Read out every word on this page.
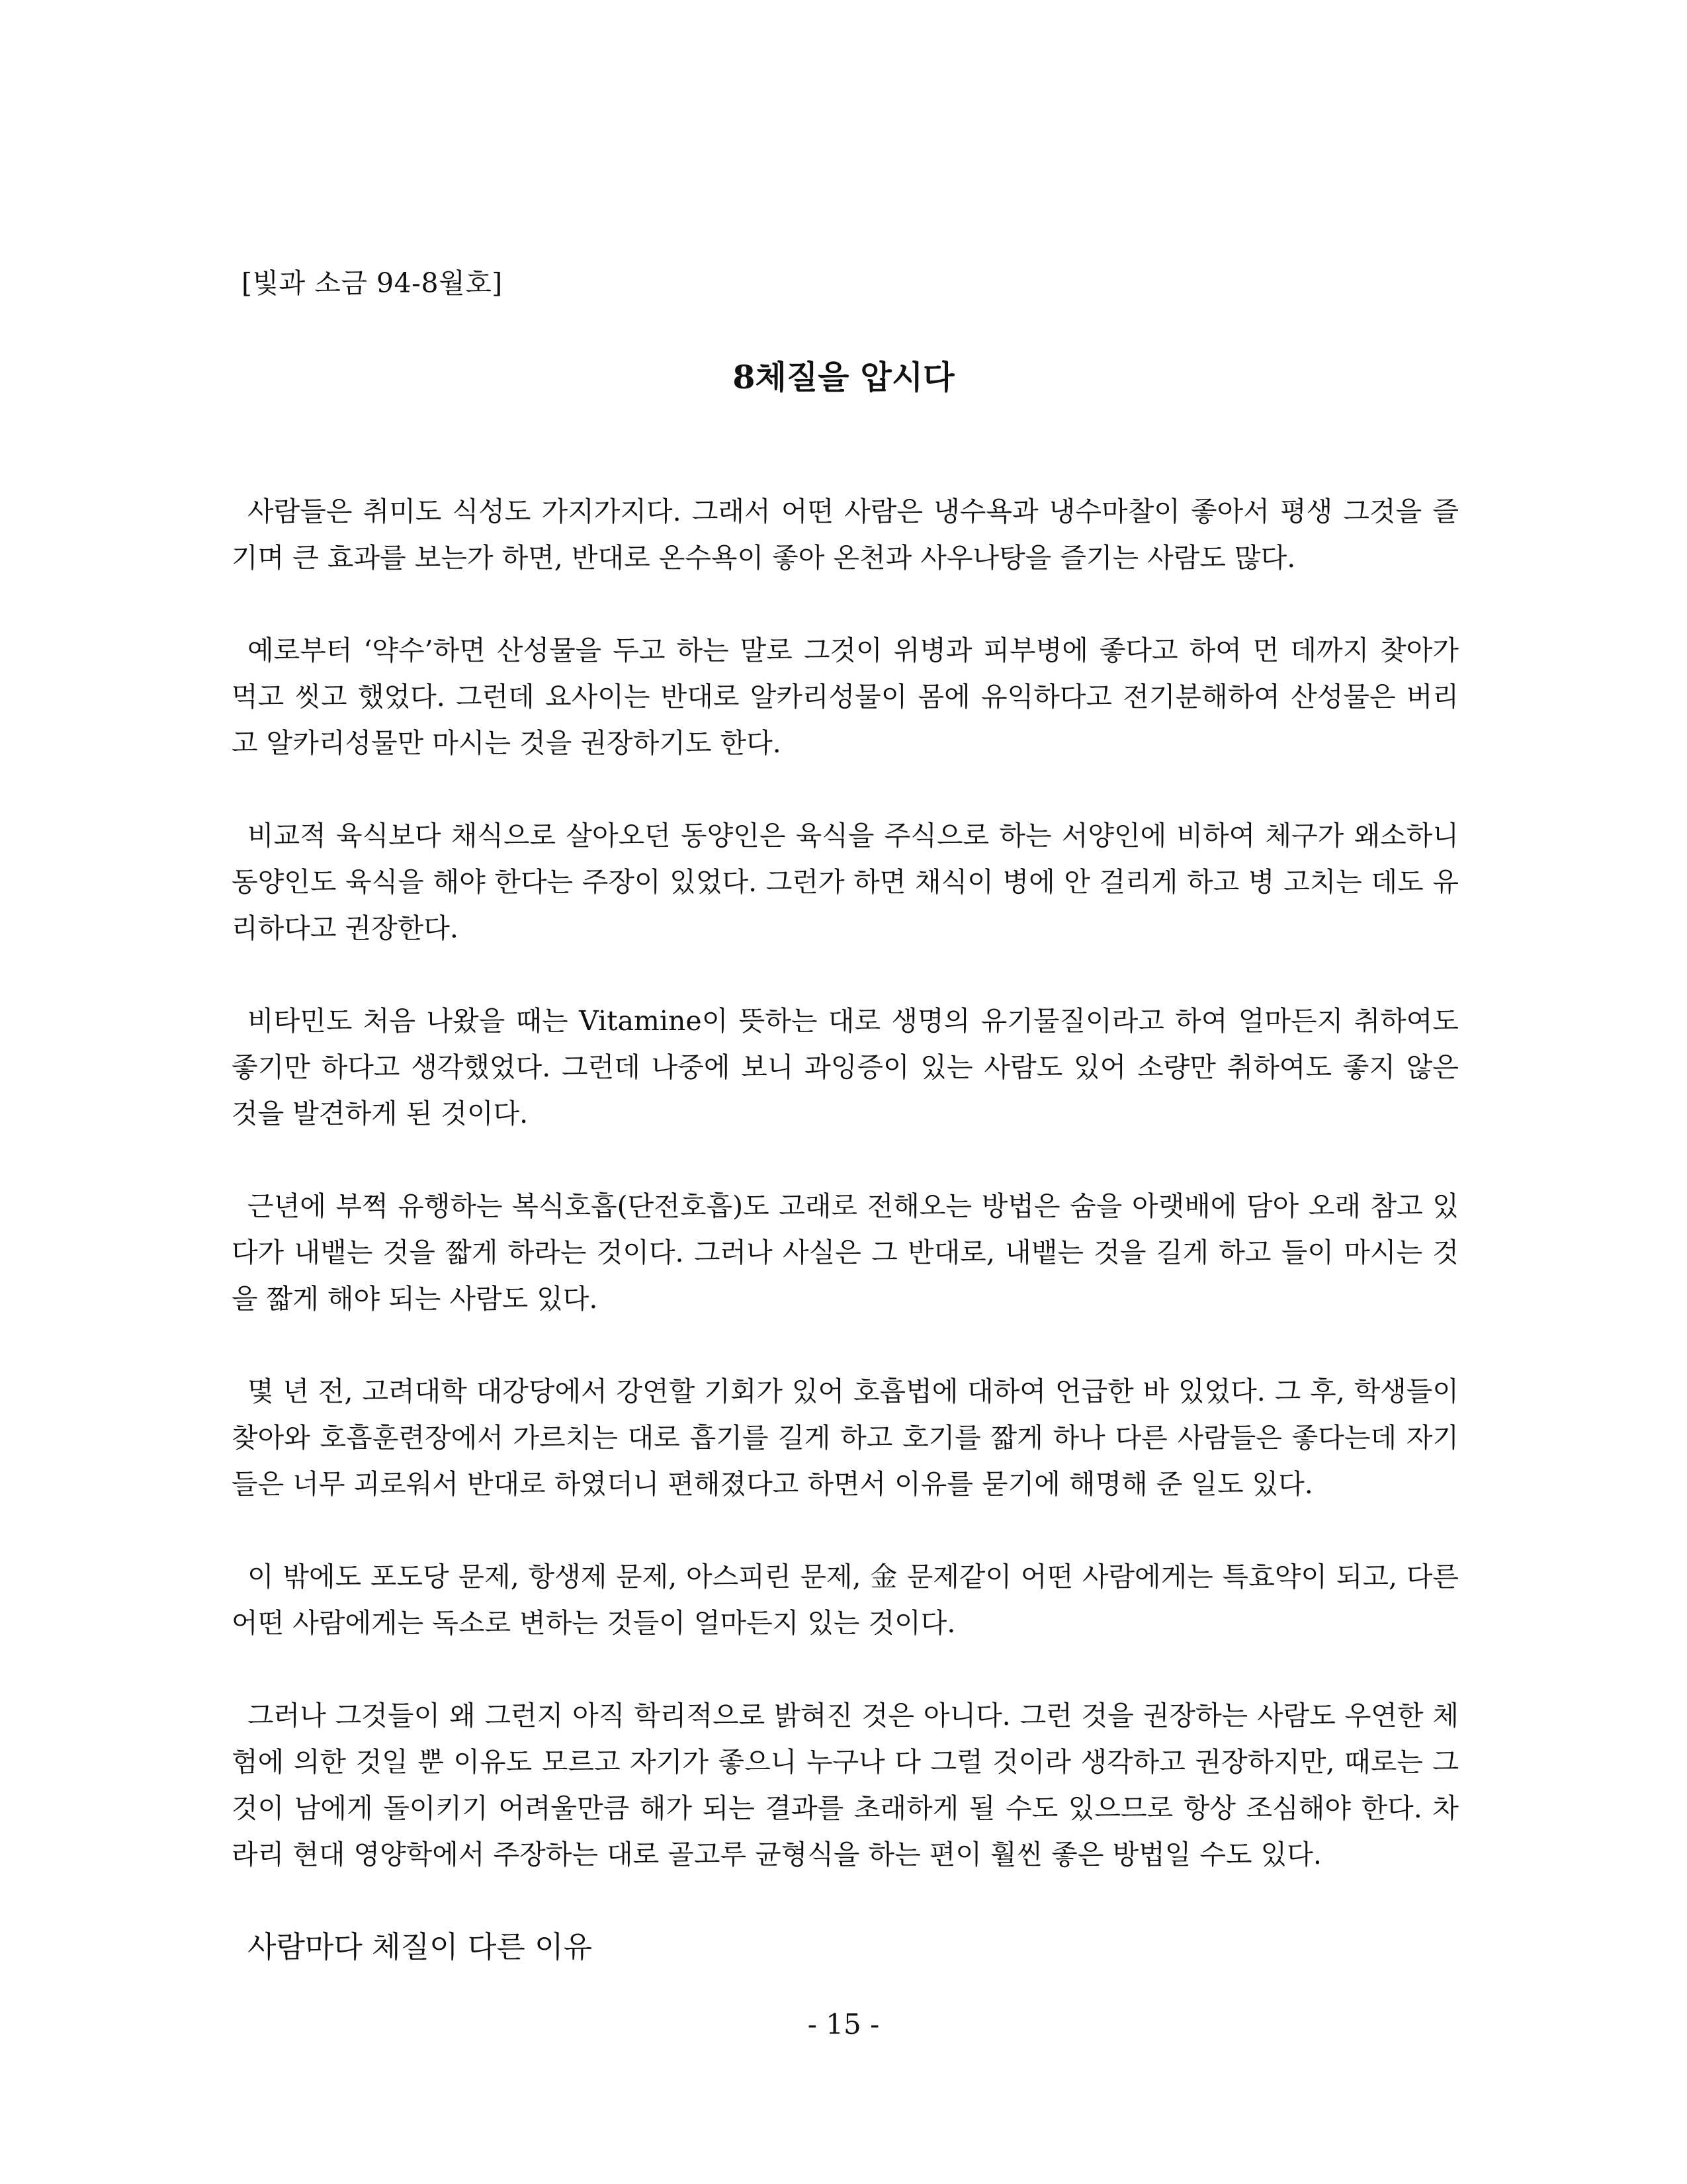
[빛과 소금 94-8월호]

8체질을 압시다

사람들은 취미도 식성도 가지가지다. 그래서 어떤 사람은 냉수욕과 냉수마찰이 좋아서 평생 그것을 즐기며 큰 효과를 보는가 하면, 반대로 온수욕이 좋아 온천과 사우나탕을 즐기는 사람도 많다.

예로부터 ‘약수’하면 산성물을 두고 하는 말로 그것이 위병과 피부병에 좋다고 하여 먼 데까지 찾아가 먹고 씻고 했었다. 그런데 요사이는 반대로 알카리성물이 몸에 유익하다고 전기분해하여 산성물은 버리고 알카리성물만 마시는 것을 권장하기도 한다.

비교적 육식보다 채식으로 살아오던 동양인은 육식을 주식으로 하는 서양인에 비하여 체구가 왜소하니 동양인도 육식을 해야 한다는 주장이 있었다. 그런가 하면 채식이 병에 안 걸리게 하고 병 고치는 데도 유리하다고 권장한다.

비타민도 처음 나왔을 때는 Vitamine이 뜻하는 대로 생명의 유기물질이라고 하여 얼마든지 취하여도 좋기만 하다고 생각했었다. 그런데 나중에 보니 과잉증이 있는 사람도 있어 소량만 취하여도 좋지 않은 것을 발견하게 된 것이다.

근년에 부쩍 유행하는 복식호흡(단전호흡)도 고래로 전해오는 방법은 숨을 아랫배에 담아 오래 참고 있다가 내뱉는 것을 짧게 하라는 것이다. 그러나 사실은 그 반대로, 내뱉는 것을 길게 하고 들이 마시는 것을 짧게 해야 되는 사람도 있다.

몇 년 전, 고려대학 대강당에서 강연할 기회가 있어 호흡법에 대하여 언급한 바 있었다. 그 후, 학생들이 찾아와 호흡훈련장에서 가르치는 대로 흡기를 길게 하고 호기를 짧게 하나 다른 사람들은 좋다는데 자기들은 너무 괴로워서 반대로 하였더니 편해졌다고 하면서 이유를 묻기에 해명해 준 일도 있다.

이 밖에도 포도당 문제, 항생제 문제, 아스피린 문제, 金 문제같이 어떤 사람에게는 특효약이 되고, 다른 어떤 사람에게는 독소로 변하는 것들이 얼마든지 있는 것이다.

그러나 그것들이 왜 그런지 아직 학리적으로 밝혀진 것은 아니다. 그런 것을 권장하는 사람도 우연한 체험에 의한 것일 뿐 이유도 모르고 자기가 좋으니 누구나 다 그럴 것이라 생각하고 권장하지만, 때로는 그것이 남에게 돌이키기 어려울만큼 해가 되는 결과를 초래하게 될 수도 있으므로 항상 조심해야 한다. 차라리 현대 영양학에서 주장하는 대로 골고루 균형식을 하는 편이 훨씬 좋은 방법일 수도 있다.

사람마다 체질이 다른 이유

- 15 -
